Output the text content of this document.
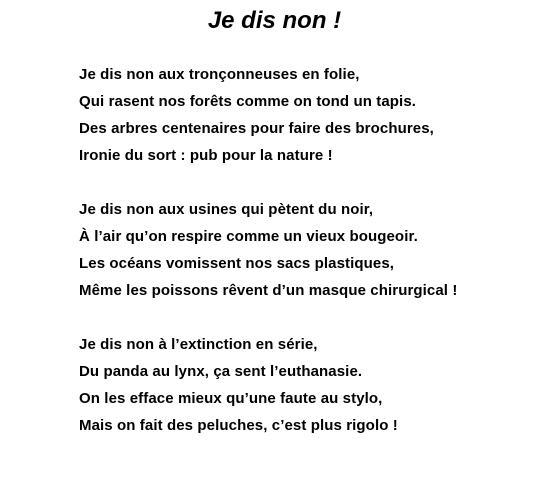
Je dis non !
Je dis non aux tronçonneuses en folie,
Qui rasent nos forêts comme on tond un tapis.
Des arbres centenaires pour faire des brochures,
Ironie du sort : pub pour la nature !
Je dis non aux usines qui pètent du noir,
À l’air qu’on respire comme un vieux bougeoir.
Les océans vomissent nos sacs plastiques,
Même les poissons rêvent d’un masque chirurgical !
Je dis non à l’extinction en série,
Du panda au lynx, ça sent l’euthanasie.
On les efface mieux qu’une faute au stylo,
Mais on fait des peluches, c’est plus rigolo !
